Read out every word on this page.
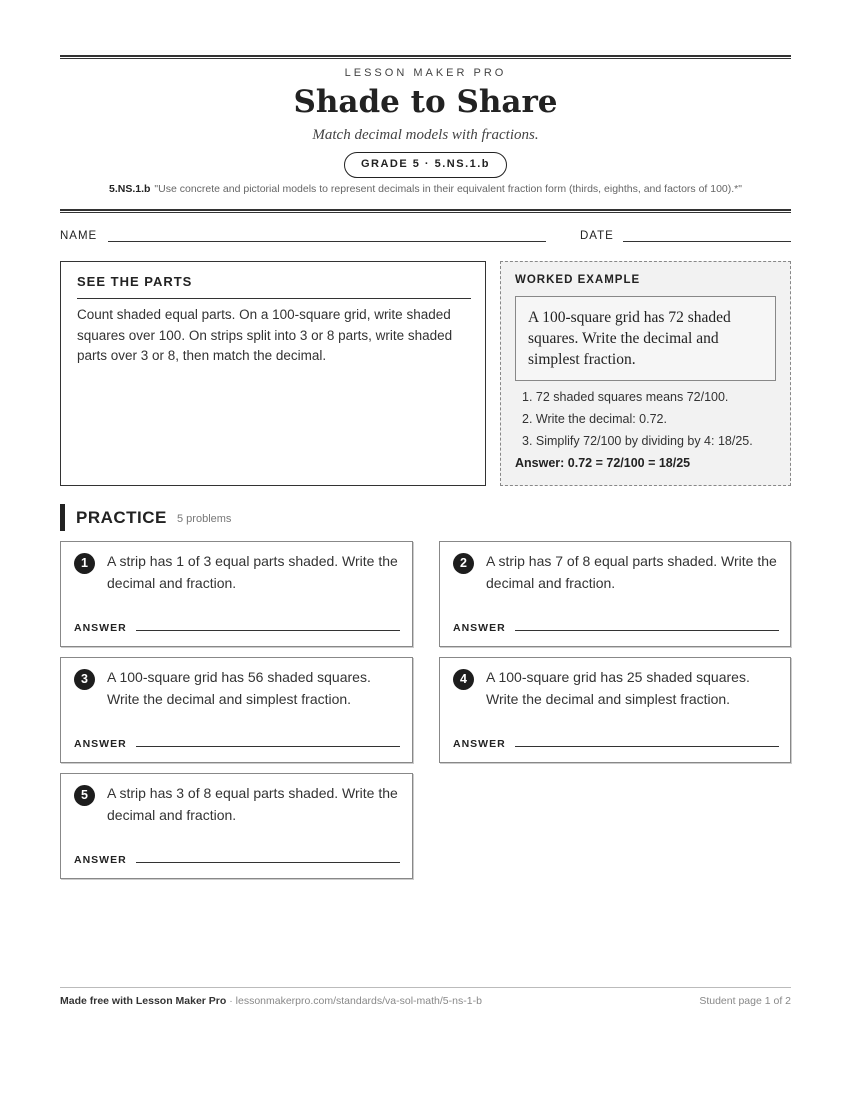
LESSON MAKER PRO
Shade to Share
Match decimal models with fractions.
GRADE 5 · 5.NS.1.b
5.NS.1.b "Use concrete and pictorial models to represent decimals in their equivalent fraction form (thirds, eighths, and factors of 100).*"
NAME	DATE
SEE THE PARTS
Count shaded equal parts. On a 100-square grid, write shaded squares over 100. On strips split into 3 or 8 parts, write shaded parts over 3 or 8, then match the decimal.
WORKED EXAMPLE
A 100-square grid has 72 shaded squares. Write the decimal and simplest fraction.
1. 72 shaded squares means 72/100.
2. Write the decimal: 0.72.
3. Simplify 72/100 by dividing by 4: 18/25.
Answer: 0.72 = 72/100 = 18/25
PRACTICE 5 problems
1	A strip has 1 of 3 equal parts shaded. Write the decimal and fraction.
ANSWER
2	A strip has 7 of 8 equal parts shaded. Write the decimal and fraction.
ANSWER
3	A 100-square grid has 56 shaded squares. Write the decimal and simplest fraction.
ANSWER
4	A 100-square grid has 25 shaded squares. Write the decimal and simplest fraction.
ANSWER
5	A strip has 3 of 8 equal parts shaded. Write the decimal and fraction.
ANSWER
Made free with Lesson Maker Pro · lessonmakerpro.com/standards/va-sol-math/5-ns-1-b	Student page 1 of 2
